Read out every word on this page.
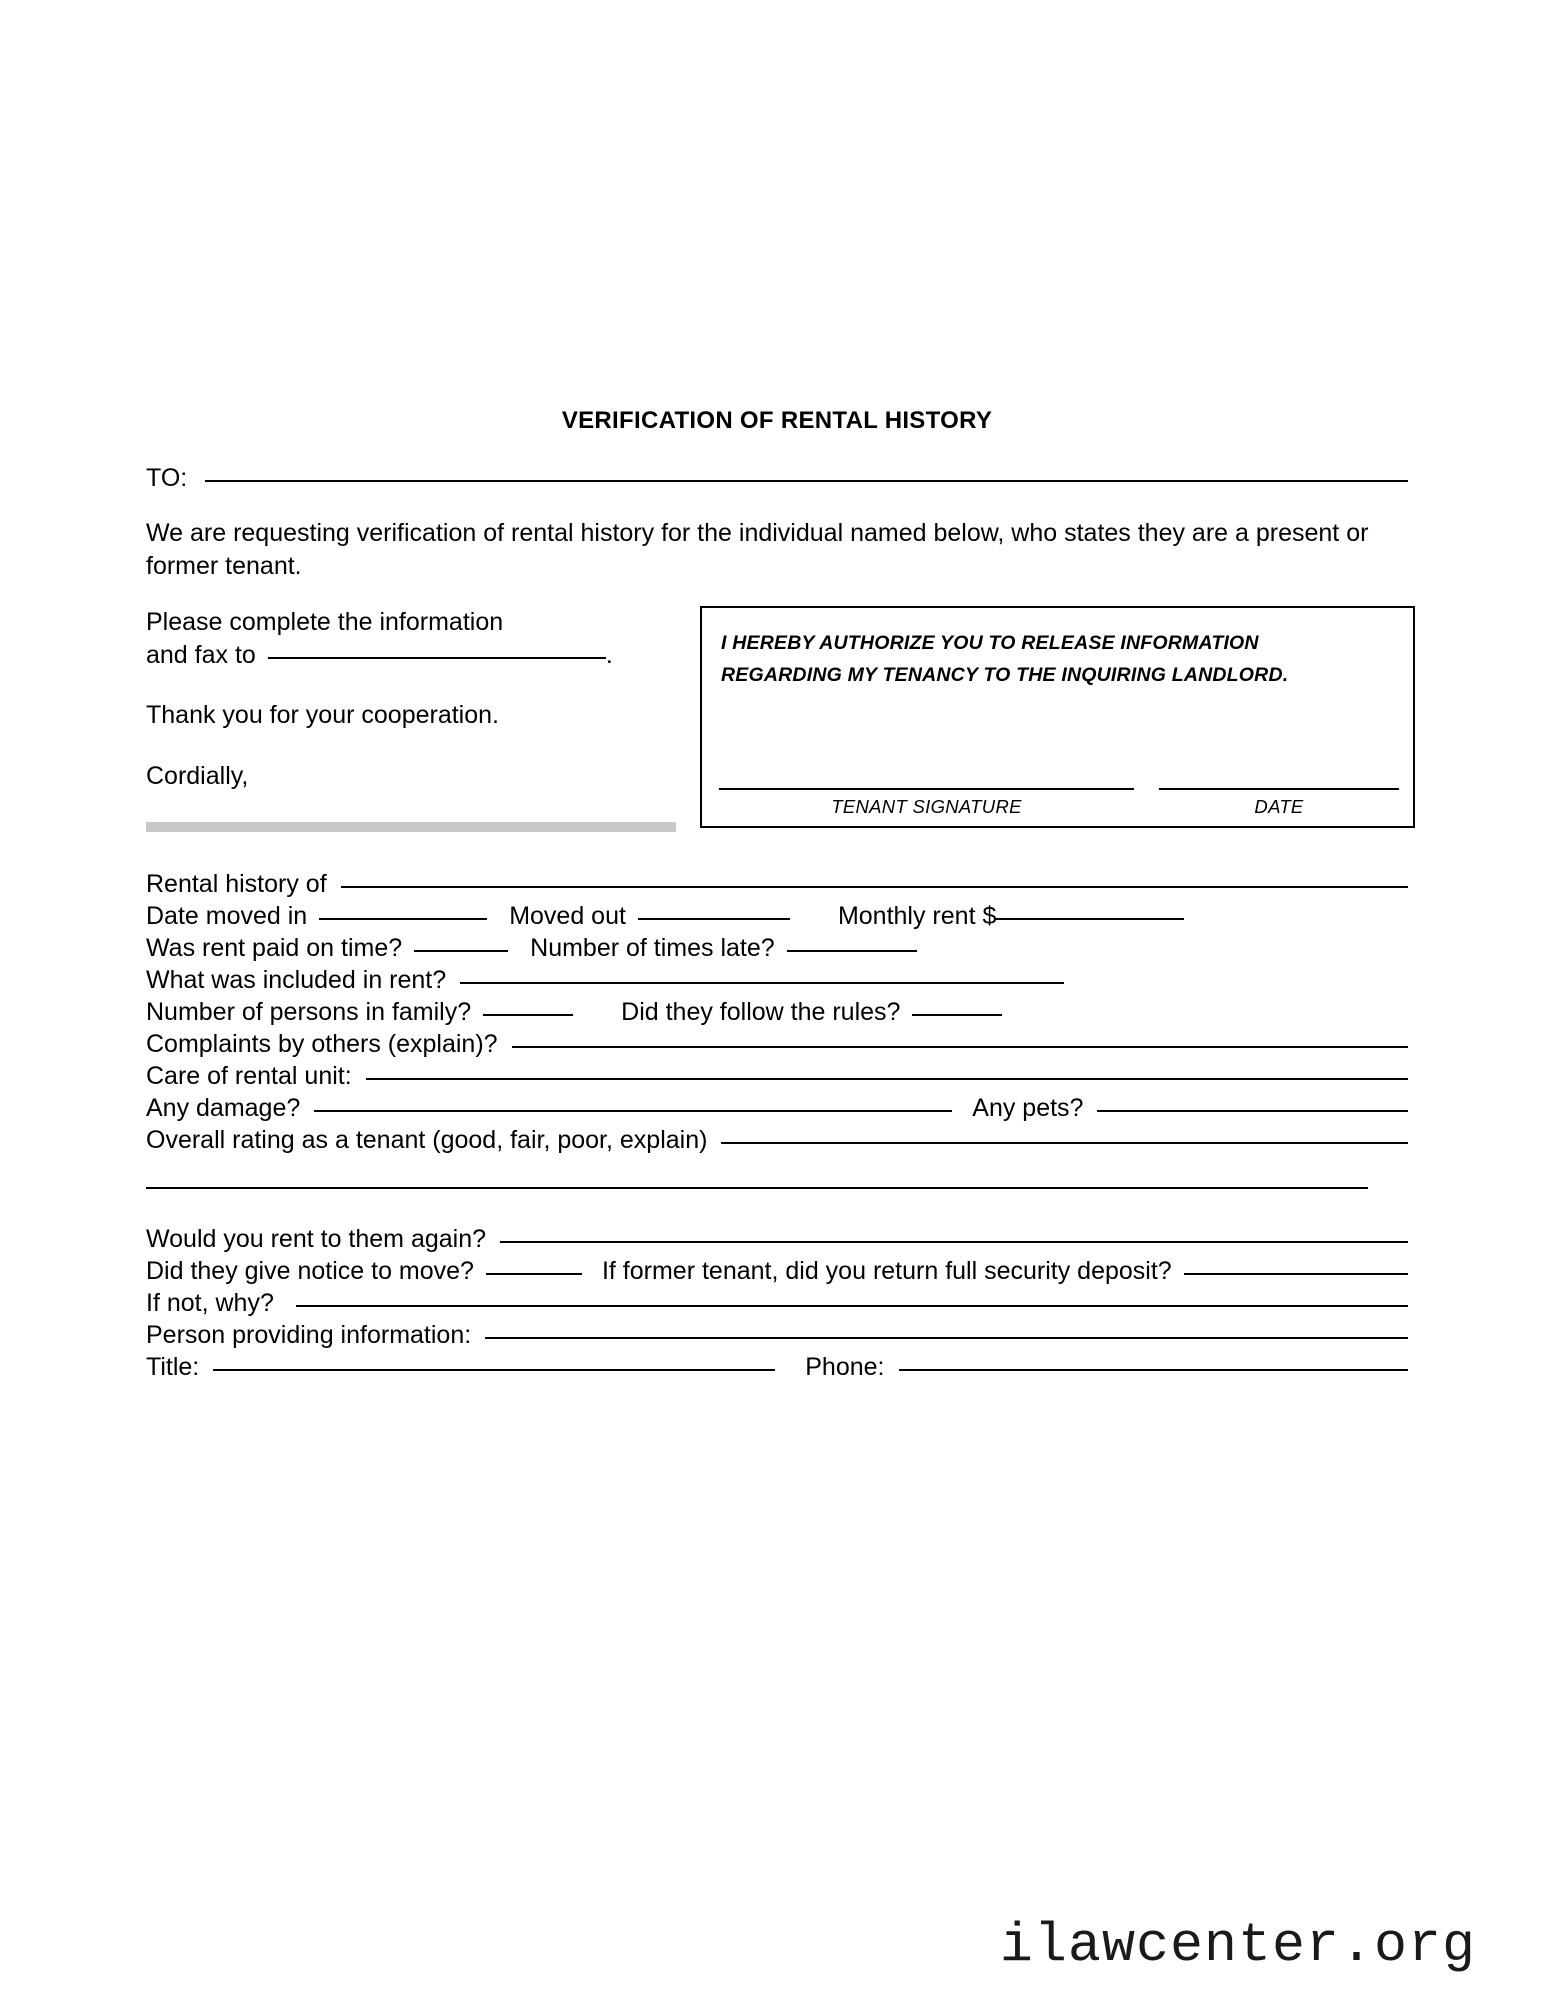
VERIFICATION OF RENTAL HISTORY
TO:
We are requesting verification of rental history for the individual named below, who states they are a present or former tenant.
Please complete the information
and fax to	.
Thank you for your cooperation.
Cordially,
I HEREBY AUTHORIZE YOU TO RELEASE INFORMATION
REGARDING MY TENANCY TO THE INQUIRING LANDLORD.
TENANT SIGNATURE	DATE
Rental history of
Date moved in	Moved out	Monthly rent $
Was rent paid on time?	Number of times late?
What was included in rent?
Number of persons in family?	Did they follow the rules?
Complaints by others (explain)?
Care of rental unit:
Any damage?	Any pets?
Overall rating as a tenant (good, fair, poor, explain)
Would you rent to them again?
Did they give notice to move?	If former tenant, did you return full security deposit?
If not, why?
Person providing information:
Title:	Phone:
ilawcenter.org
